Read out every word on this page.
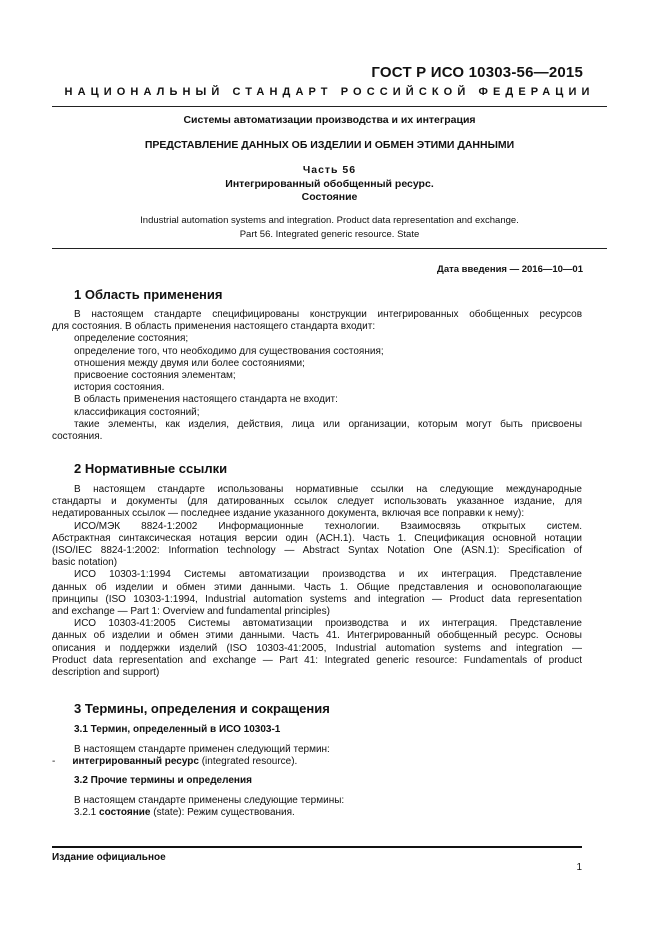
ГОСТ Р ИСО 10303-56—2015
НАЦИОНАЛЬНЫЙ СТАНДАРТ РОССИЙСКОЙ ФЕДЕРАЦИИ
Системы автоматизации производства и их интеграция
ПРЕДСТАВЛЕНИЕ ДАННЫХ ОБ ИЗДЕЛИИ И ОБМЕН ЭТИМИ ДАННЫМИ
Часть 56
Интегрированный обобщенный ресурс.
Состояние
Industrial automation systems and integration. Product data representation and exchange.
Part 56. Integrated generic resource. State
Дата введения — 2016—10—01
1 Область применения
В настоящем стандарте специфицированы конструкции интегрированных обобщенных ресурсов
для состояния. В область применения настоящего стандарта входит:
определение состояния;
определение того, что необходимо для существования состояния;
отношения между двумя или более состояниями;
присвоение состояния элементам;
история состояния.
В область применения настоящего стандарта не входит:
классификация состояний;
такие элементы, как изделия, действия, лица или организации, которым могут быть присвоены
состояния.
2 Нормативные ссылки
В настоящем стандарте использованы нормативные ссылки на следующие международные
стандарты и документы (для датированных ссылок следует использовать указанное издание, для
недатированных ссылок — последнее издание указанного документа, включая все поправки к нему):
ИСО/МЭК 8824-1:2002 Информационные технологии. Взаимосвязь открытых систем.
Абстрактная синтаксическая нотация версии один (АСН.1). Часть 1. Спецификация основной нотации
(ISO/IEC 8824-1:2002: Information technology — Abstract Syntax Notation One (ASN.1): Specification of
basic notation)
ИСО 10303-1:1994 Системы автоматизации производства и их интеграция. Представление
данных об изделии и обмен этими данными. Часть 1. Общие представления и основополагающие
принципы (ISO 10303-1:1994, Industrial automation systems and integration — Product data representation
and exchange — Part 1: Overview and fundamental principles)
ИСО 10303-41:2005 Системы автоматизации производства и их интеграция. Представление
данных об изделии и обмен этими данными. Часть 41. Интегрированный обобщенный ресурс. Основы
описания и поддержки изделий (ISO 10303-41:2005, Industrial automation systems and integration —
Product data representation and exchange — Part 41: Integrated generic resource: Fundamentals of product
description and support)
3 Термины, определения и сокращения
3.1 Термин, определенный в ИСО 10303-1
В настоящем стандарте применен следующий термин:
- интегрированный ресурс (integrated resource).
3.2 Прочие термины и определения
В настоящем стандарте применены следующие термины:
3.2.1 состояние (state): Режим существования.
Издание официальное
1
